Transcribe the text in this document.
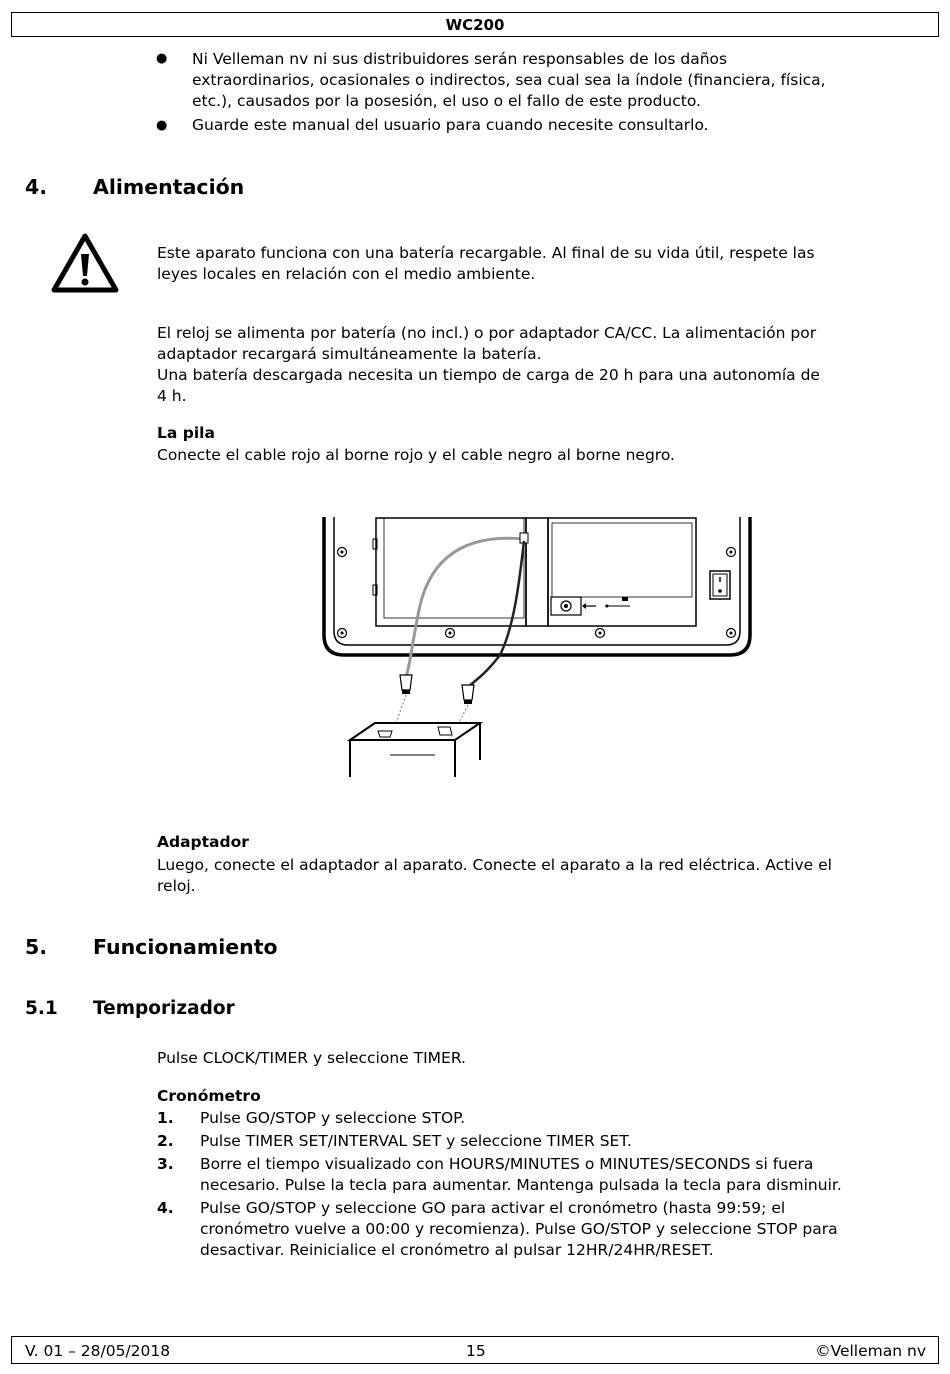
WC200
● Ni Velleman nv ni sus distribuidores serán responsables de los daños
extraordinarios, ocasionales o indirectos, sea cual sea la índole (financiera, física,
etc.), causados por la posesión, el uso o el fallo de este producto.
● Guarde este manual del usuario para cuando necesite consultarlo.
4. Alimentación
Este aparato funciona con una batería recargable. Al final de su vida útil, respete las
leyes locales en relación con el medio ambiente.
El reloj se alimenta por batería (no incl.) o por adaptador CA/CC. La alimentación por
adaptador recargará simultáneamente la batería.
Una batería descargada necesita un tiempo de carga de 20 h para una autonomía de
4 h.
La pila
Conecte el cable rojo al borne rojo y el cable negro al borne negro.
Adaptador
Luego, conecte el adaptador al aparato. Conecte el aparato a la red eléctrica. Active el
reloj.
5. Funcionamiento
5.1 Temporizador
Pulse CLOCK/TIMER y seleccione TIMER.
Cronómetro
1. Pulse GO/STOP y seleccione STOP.
2. Pulse TIMER SET/INTERVAL SET y seleccione TIMER SET.
3. Borre el tiempo visualizado con HOURS/MINUTES o MINUTES/SECONDS si fuera
necesario. Pulse la tecla para aumentar. Mantenga pulsada la tecla para disminuir.
4. Pulse GO/STOP y seleccione GO para activar el cronómetro (hasta 99:59; el
cronómetro vuelve a 00:00 y recomienza). Pulse GO/STOP y seleccione STOP para
desactivar. Reinicialice el cronómetro al pulsar 12HR/24HR/RESET.
V. 01 – 28/05/2018	15	©Velleman nv
